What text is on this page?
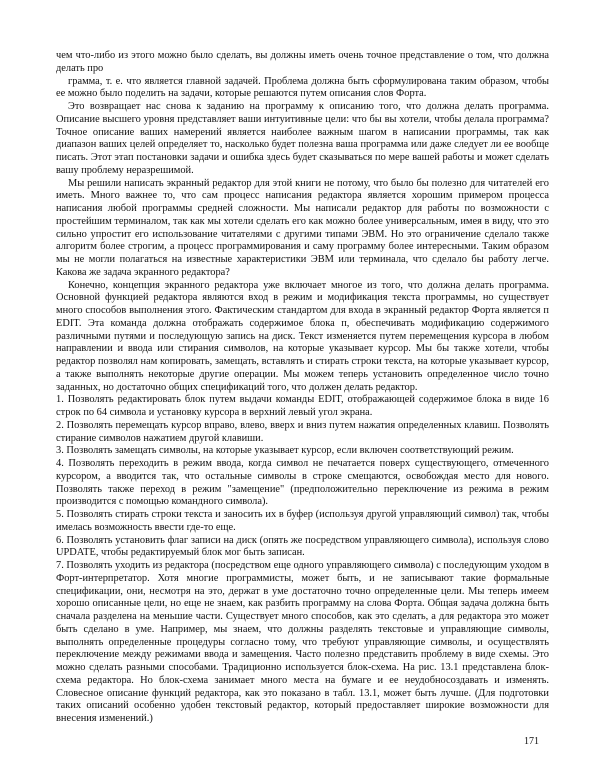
чем что-либо из этого можно было сделать, вы должны иметь очень точное представление о том, что должна делать про

грамма, т. е. что является главной задачей. Проблема должна быть сформулирована таким образом, чтобы ее можно было поделить на задачи, которые решаются путем описания слов Форта.

Это возвращает нас снова к заданию на программу к описанию того, что должна делать программа. Описание высшего уровня представляет ваши интуитивные цели: что бы вы хотели, чтобы делала программа? Точное описание ваших намерений является наиболее важным шагом в написании программы, так как диапазон ваших целей определяет то, насколько будет полезна ваша программа или даже следует ли ее вообще писать. Этот этап постановки задачи и ошибка здесь будет сказываться по мере вашей работы и может сделать вашу проблему неразрешимой.

Мы решили написать экранный редактор для этой книги не потому, что было бы полезно для читателей его иметь. Много важнее то, что сам процесс написания редактора является хорошим примером процесса написания любой программы средней сложности. Мы написали редактор для работы по возможности с простейшим терминалом, так как мы хотели сделать его как можно более универсальным, имея в виду, что это сильно упростит его использование читателями с другими типами ЭВМ. Но это ограничение сделало также алгоритм более строгим, а процесс программирования и саму программу более интересными. Таким образом мы не могли полагаться на известные характеристики ЭВМ или терминала, что сделало бы работу легче. Какова же задача экранного редактора?

Конечно, концепция экранного редактора уже включает многое из того, что должна делать программа. Основной функцией редактора являются вход в режим и модификация текста программы, но существует много способов выполнения этого. Фактическим стандартом для входа в экранный редактор Форта является п EDIT. Эта команда должна отображать содержимое блока п, обеспечивать модификацию содержимого различными путями и последующую запись на диск. Текст изменяется путем перемещения курсора в любом направлении и ввода или стирания символов, на которые указывает курсор. Мы бы также хотели, чтобы редактор позволял нам копировать, замещать, вставлять и стирать строки текста, на которые указывает курсор, а также выполнять некоторые другие операции. Мы можем теперь установить определенное число точно заданных, но достаточно общих спецификаций того, что должен делать редактор.

1. Позволять редактировать блок путем выдачи команды EDIT, отображающей содержимое блока в виде 16 строк по 64 символа и установку курсора в верхний левый угол экрана.

2. Позволять перемещать курсор вправо, влево, вверх и вниз путем нажатия определенных клавиш. Позволять стирание символов нажатием другой клавиши.

3. Позволять замещать символы, на которые указывает курсор, если включен соответствующий режим.

4. Позволять переходить в режим ввода, когда символ не печатается поверх существующего, отмеченного курсором, а вводится так, что остальные символы в строке смещаются, освобождая место для нового. Позволять также переход в режим "замещение" (предположительно переключение из режима в режим производится с помощью командного символа).

5. Позволять стирать строки текста и заносить их в буфер (используя другой управляющий символ) так, чтобы имелась возможность ввести где-то еще.

6. Позволять установить флаг записи на диск (опять же посредством управляющего символа), используя слово UPDATE, чтобы редактируемый блок мог быть записан.

7. Позволять уходить из редактора (посредством еще одного управляющего символа) с последующим уходом в Форт-интерпретатор. Хотя многие программисты, может быть, и не записывают такие формальные спецификации, они, несмотря на это, держат в уме достаточно точно определенные цели. Мы теперь имеем хорошо описанные цели, но еще не знаем, как разбить программу на слова Форта. Общая задача должна быть сначала разделена на меньшие части. Существует много способов, как это сделать, а для редактора это может быть сделано в уме. Например, мы знаем, что должны разделять текстовые и управляющие символы, выполнять определенные процедуры согласно тому, что требуют управляющие символы, и осуществлять переключение между режимами ввода и замещения. Часто полезно представить проблему в виде схемы. Это можно сделать разными способами. Традиционно используется блок-схема. На рис. 13.1 представлена блок-схема редактора. Но блок-схема занимает много места на бумаге и ее неудобносоздавать и изменять. Словесное описание функций редактора, как это показано в табл. 13.1, может быть лучше. (Для подготовки таких описаний особенно удобен текстовый редактор, который предоставляет широкие возможности для внесения изменений.)

171
